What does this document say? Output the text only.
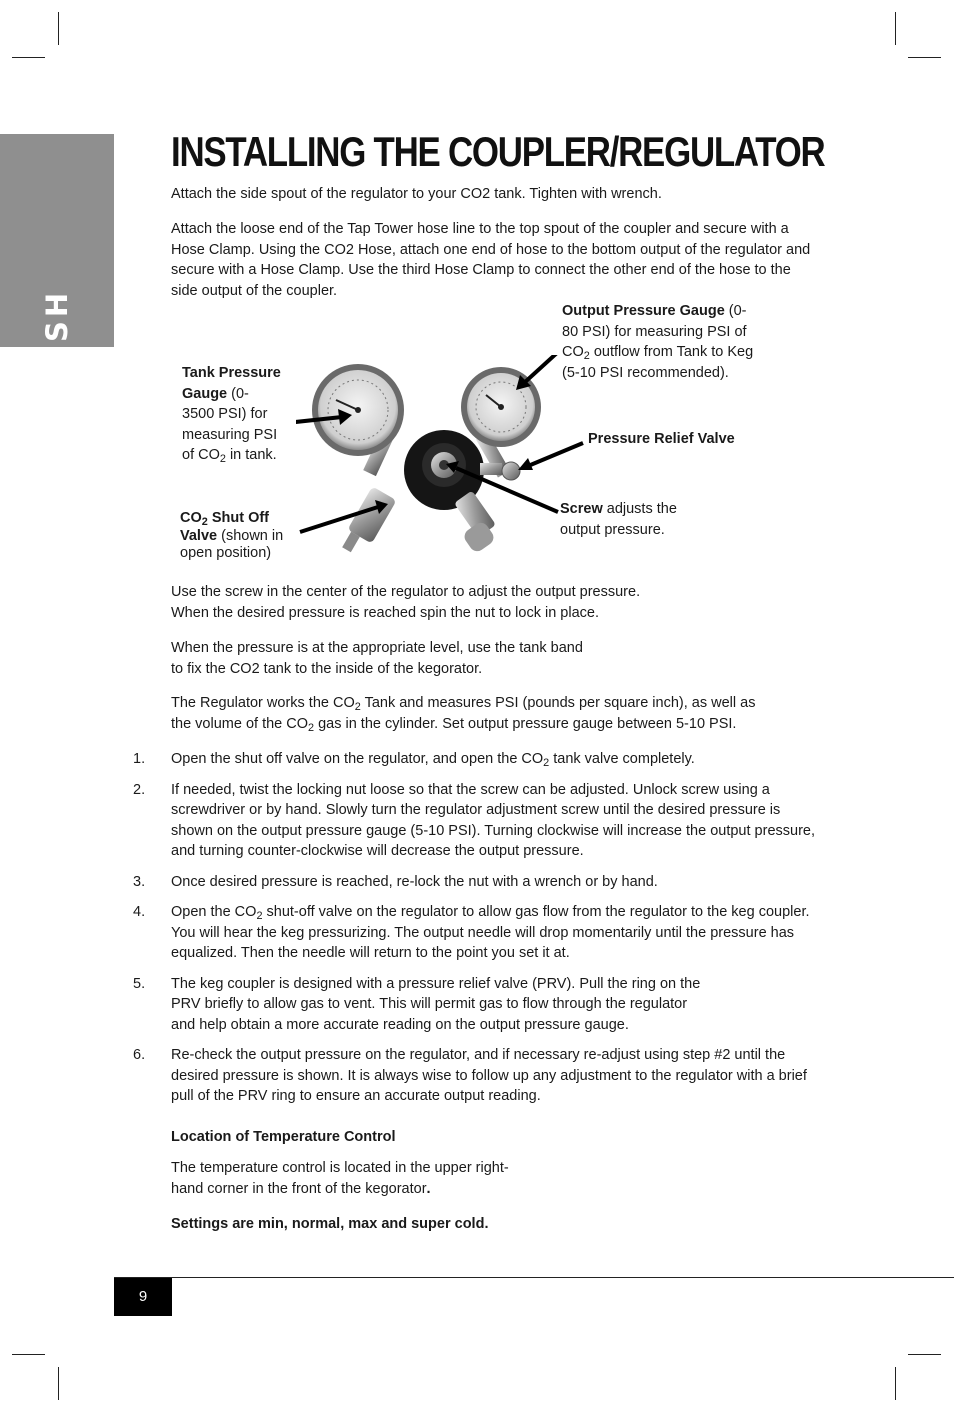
ENGLISH
INSTALLING THE COUPLER/REGULATOR

Attach the side spout of the regulator to your CO2 tank. Tighten with wrench.

Attach the loose end of the Tap Tower hose line to the top spout of the coupler and secure with a Hose Clamp. Using the CO2 Hose, attach one end of hose to the bottom output of the regulator and secure with a Hose Clamp. Use the third Hose Clamp to connect the other end of the hose to the side output of the coupler.

Output Pressure Gauge (0-
80 PSI) for measuring PSI of
$CO_2$ outflow from Tank to Keg
(5-10 PSI recommended).
Tank Pressure
Gauge (0-
3500 PSI) for
measuring PSI
of $CO_2$ in tank.
Pressure Relief Valve
Screw adjusts the
output pressure.
$CO_2$ Shut Off
Valve (shown in
open position)

Use the screw in the center of the regulator to adjust the output pressure.
When the desired pressure is reached spin the nut to lock in place.

When the pressure is at the appropriate level, use the tank band
to fix the CO2 tank to the inside of the kegorator.

The Regulator works the $CO_2$ Tank and measures PSI (pounds per square inch), as well as
the volume of the $CO_2$ gas in the cylinder. Set output pressure gauge between 5-10 PSI.

1. Open the shut off valve on the regulator, and open the $CO_2$ tank valve completely.
2. If needed, twist the locking nut loose so that the screw can be adjusted. Unlock screw using a screwdriver or by hand. Slowly turn the regulator adjustment screw until the desired pressure is shown on the output pressure gauge (5-10 PSI). Turning clockwise will increase the output pressure, and turning counter-clockwise will decrease the output pressure.
3. Once desired pressure is reached, re-lock the nut with a wrench or by hand.
4. Open the $CO_2$ shut-off valve on the regulator to allow gas flow from the regulator to the keg coupler. You will hear the keg pressurizing. The output needle will drop momentarily until the pressure has equalized. Then the needle will return to the point you set it at.
5. The keg coupler is designed with a pressure relief valve (PRV). Pull the ring on the
PRV briefly to allow gas to vent. This will permit gas to flow through the regulator
and help obtain a more accurate reading on the output pressure gauge.
6. Re-check the output pressure on the regulator, and if necessary re-adjust using step #2 until the desired pressure is shown. It is always wise to follow up any adjustment to the regulator with a brief pull of the PRV ring to ensure an accurate output reading.

Location of Temperature Control

The temperature control is located in the upper right-
hand corner in the front of the kegorator.

Settings are min, normal, max and super cold.

9
